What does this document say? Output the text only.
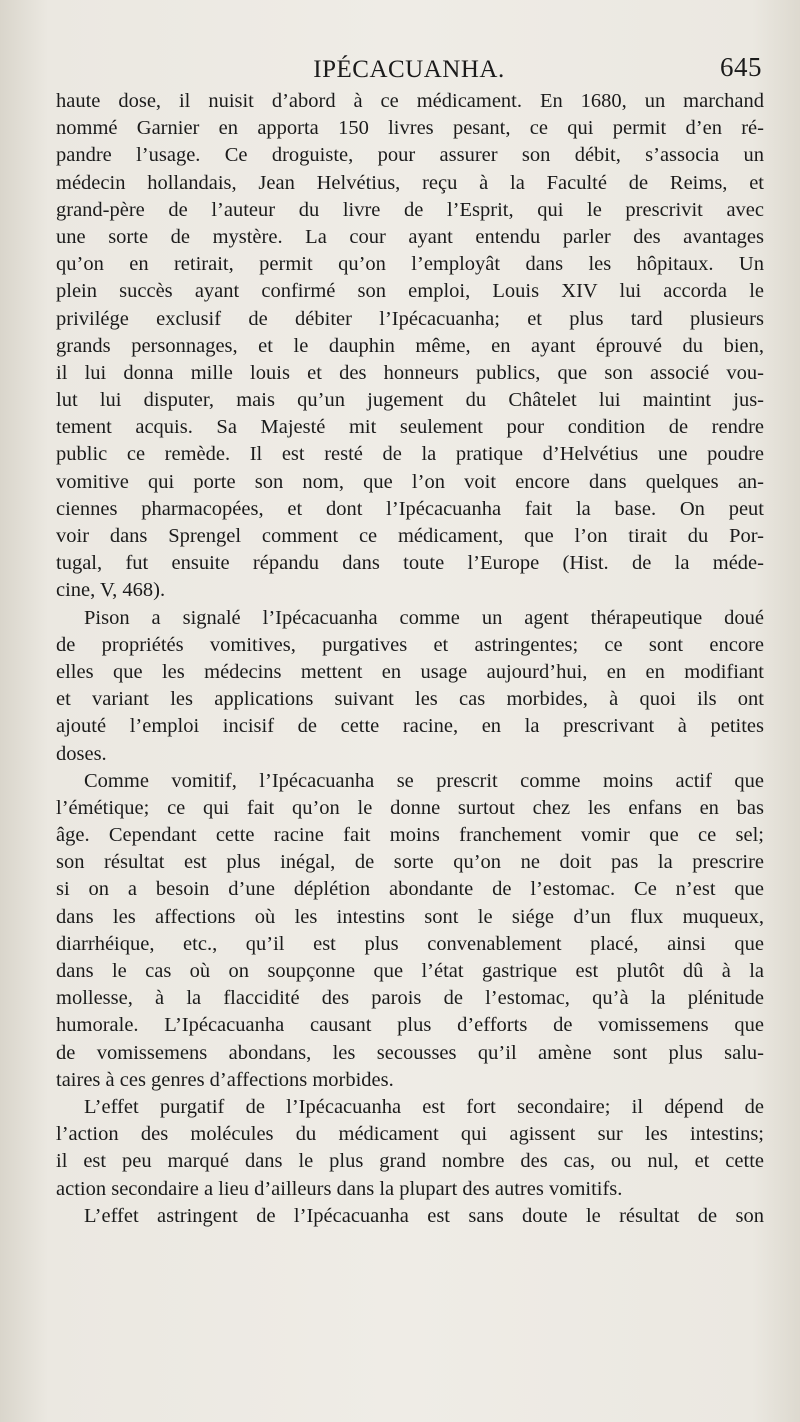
IPÉCACUANHA.	645
haute dose, il nuisit d’abord à ce médicament. En 1680, un marchand
nommé Garnier en apporta 150 livres pesant, ce qui permit d’en ré-
pandre l’usage. Ce droguiste, pour assurer son débit, s’associa un
médecin hollandais, Jean Helvétius, reçu à la Faculté de Reims, et
grand-père de l’auteur du livre de l’Esprit, qui le prescrivit avec
une sorte de mystère. La cour ayant entendu parler des avantages
qu’on en retirait, permit qu’on l’employât dans les hôpitaux. Un
plein succès ayant confirmé son emploi, Louis XIV lui accorda le
privilége exclusif de débiter l’Ipécacuanha; et plus tard plusieurs
grands personnages, et le dauphin même, en ayant éprouvé du bien,
il lui donna mille louis et des honneurs publics, que son associé vou-
lut lui disputer, mais qu’un jugement du Châtelet lui maintint jus-
tement acquis. Sa Majesté mit seulement pour condition de rendre
public ce remède. Il est resté de la pratique d’Helvétius une poudre
vomitive qui porte son nom, que l’on voit encore dans quelques an-
ciennes pharmacopées, et dont l’Ipécacuanha fait la base. On peut
voir dans Sprengel comment ce médicament, que l’on tirait du Por-
tugal, fut ensuite répandu dans toute l’Europe (Hist. de la méde-
cine, V, 468).
Pison a signalé l’Ipécacuanha comme un agent thérapeutique doué
de propriétés vomitives, purgatives et astringentes; ce sont encore
elles que les médecins mettent en usage aujourd’hui, en en modifiant
et variant les applications suivant les cas morbides, à quoi ils ont
ajouté l’emploi incisif de cette racine, en la prescrivant à petites
doses.
Comme vomitif, l’Ipécacuanha se prescrit comme moins actif que
l’émétique; ce qui fait qu’on le donne surtout chez les enfans en bas
âge. Cependant cette racine fait moins franchement vomir que ce sel;
son résultat est plus inégal, de sorte qu’on ne doit pas la prescrire
si on a besoin d’une déplétion abondante de l’estomac. Ce n’est que
dans les affections où les intestins sont le siége d’un flux muqueux,
diarrhéique, etc., qu’il est plus convenablement placé, ainsi que
dans le cas où on soupçonne que l’état gastrique est plutôt dû à la
mollesse, à la flaccidité des parois de l’estomac, qu’à la plénitude
humorale. L’Ipécacuanha causant plus d’efforts de vomissemens que
de vomissemens abondans, les secousses qu’il amène sont plus salu-
taires à ces genres d’affections morbides.
L’effet purgatif de l’Ipécacuanha est fort secondaire; il dépend de
l’action des molécules du médicament qui agissent sur les intestins;
il est peu marqué dans le plus grand nombre des cas, ou nul, et cette
action secondaire a lieu d’ailleurs dans la plupart des autres vomitifs.
L’effet astringent de l’Ipécacuanha est sans doute le résultat de son
